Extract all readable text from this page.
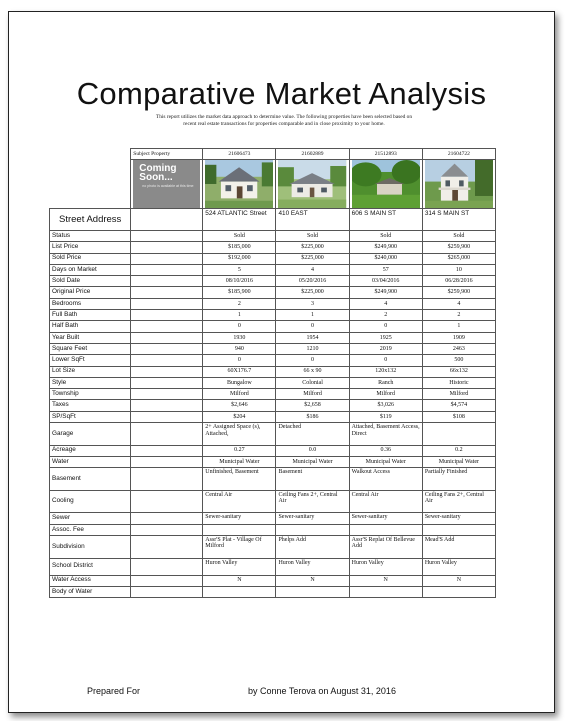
Comparative Market Analysis
This report utilizes the market data approach to determine value. The following properties have been selected based on recent real estate transactions for properties comparable and in close proximity to your home.
	Subject Property	21606473	21602889	21512893	21604722

	Coming Soon...
no photo is available at this time

Street Address		524 ATLANTIC Street	410 EAST	606 S MAIN ST	314 S MAIN ST
Status		Sold	Sold	Sold	Sold
List Price		$185,000	$225,000	$249,900	$259,900
Sold Price		$192,000	$225,000	$240,000	$265,000
Days on Market		5	4	57	10
Sold Date		08/10/2016	05/20/2016	03/04/2016	06/28/2016
Original Price		$185,900	$225,000	$249,900	$259,900
Bedrooms		2	3	4	4
Full Bath		1	1	2	2
Half Bath		0	0	0	1
Year Built		1930	1954	1925	1909
Square Feet		940	1210	2019	2463
Lower SqFt		0	0	0	500
Lot Size		60X176.7	66 x 90	120x132	66x132
Style		Bungalow	Colonial	Ranch	Historic
Township		Milford	Milford	Milford	Milford
Taxes		$2,646	$2,658	$3,026	$4,574
SP/SqFt		$204	$186	$119	$108
Garage		2+ Assigned Space (s), Attached,	Detached	Attached, Basement Access, Direct	
Acreage		0.27	0.0	0.36	0.2
Water		Municipal Water	Municipal Water	Municipal Water	Municipal Water
Basement		Unfinished, Basement	Basement	Walkout Access	Partially Finished
Cooling		Central Air	Ceiling Fans 2+, Central Air	Central Air	Ceiling Fans 2+, Central Air
Sewer		Sewer-sanitary	Sewer-sanitary	Sewer-sanitary	Sewer-sanitary
Assoc. Fee					
Subdivision		Assr'S Plat - Village Of Milford	Phelps Add	Assr'S Replat Of Bellevue Add	Mead'S Add
School District		Huron Valley	Huron Valley	Huron Valley	Huron Valley
Water Access		N	N	N	N
Body of Water					
Prepared For	by Conne Terova on August 31, 2016
